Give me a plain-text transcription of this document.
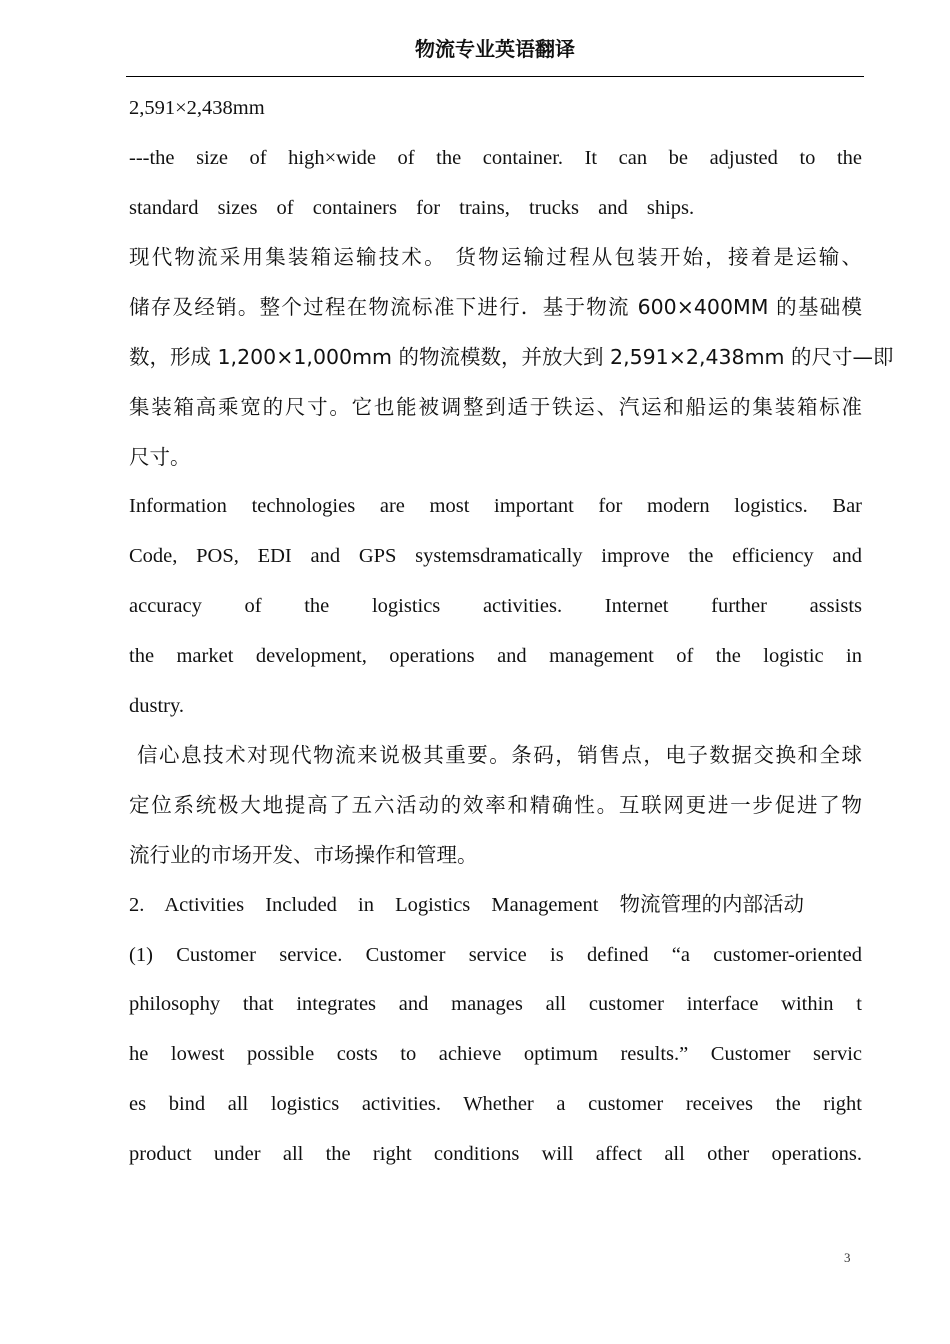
物流专业英语翻译
2,591×2,438mm
---the size of high×wide of the container. It can be adjusted to the
standard sizes of containers for trains, trucks and ships.
现代物流采用集装箱运输技术。 货物运输过程从包装开始，接着是运输、
储存及经销。整个过程在物流标准下进行．基于物流 600×400MM 的基础模
数，形成 1,200×1,000mm 的物流模数，并放大到 2,591×2,438mm 的尺寸—即
集装箱高乘宽的尺寸。它也能被调整到适于铁运、汽运和船运的集装箱标准
尺寸。
Information technologies are most important for modern logistics. Bar
Code, POS, EDI and GPS systemsdramatically improve the efficiency and
accuracy of the logistics activities. Internet further assists
the market development, operations and management of the logistic in
dustry.
信心息技术对现代物流来说极其重要。条码，销售点，电子数据交换和全球
定位系统极大地提高了五六活动的效率和精确性。互联网更进一步促进了物
流行业的市场开发、市场操作和管理。
2. Activities Included in Logistics Management 物流管理的内部活动
(1) Customer service. Customer service is defined “a customer-oriented
philosophy that integrates and manages all customer interface within t
he lowest possible costs to achieve optimum results.” Customer servic
es bind all logistics activities. Whether a customer receives the right
product under all the right conditions will affect all other operations.
3
